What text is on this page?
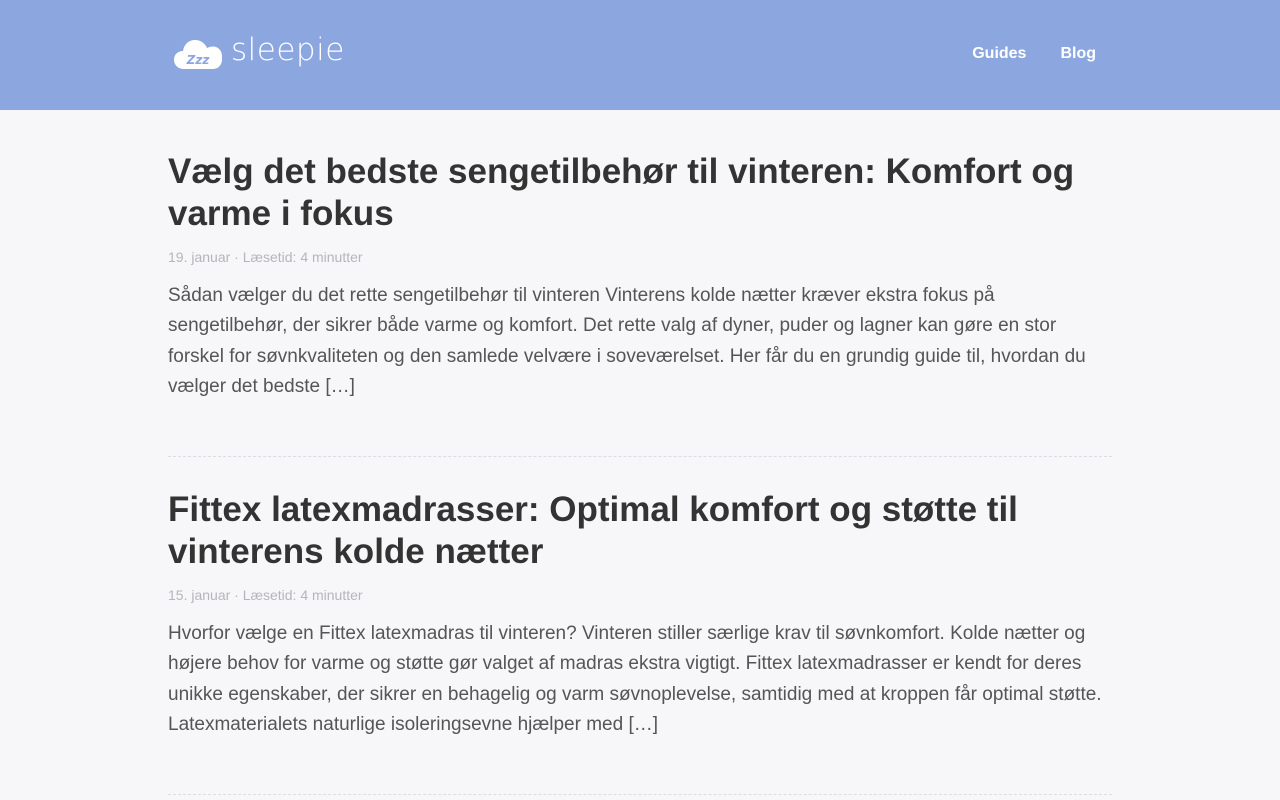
Zzz sleepie	Guides Blog
Vælg det bedste sengetilbehør til vinteren: Komfort og varme i fokus
19. januar · Læsetid: 4 minutter

Sådan vælger du det rette sengetilbehør til vinteren Vinterens kolde nætter kræver ekstra fokus på sengetilbehør, der sikrer både varme og komfort. Det rette valg af dyner, puder og lagner kan gøre en stor forskel for søvnkvaliteten og den samlede velvære i soveværelset. Her får du en grundig guide til, hvordan du vælger det bedste […]

Fittex latexmadrasser: Optimal komfort og støtte til vinterens kolde nætter
15. januar · Læsetid: 4 minutter

Hvorfor vælge en Fittex latexmadras til vinteren? Vinteren stiller særlige krav til søvnkomfort. Kolde nætter og højere behov for varme og støtte gør valget af madras ekstra vigtigt. Fittex latexmadrasser er kendt for deres unikke egenskaber, der sikrer en behagelig og varm søvnoplevelse, samtidig med at kroppen får optimal støtte. Latexmaterialets naturlige isoleringsevne hjælper med […]
